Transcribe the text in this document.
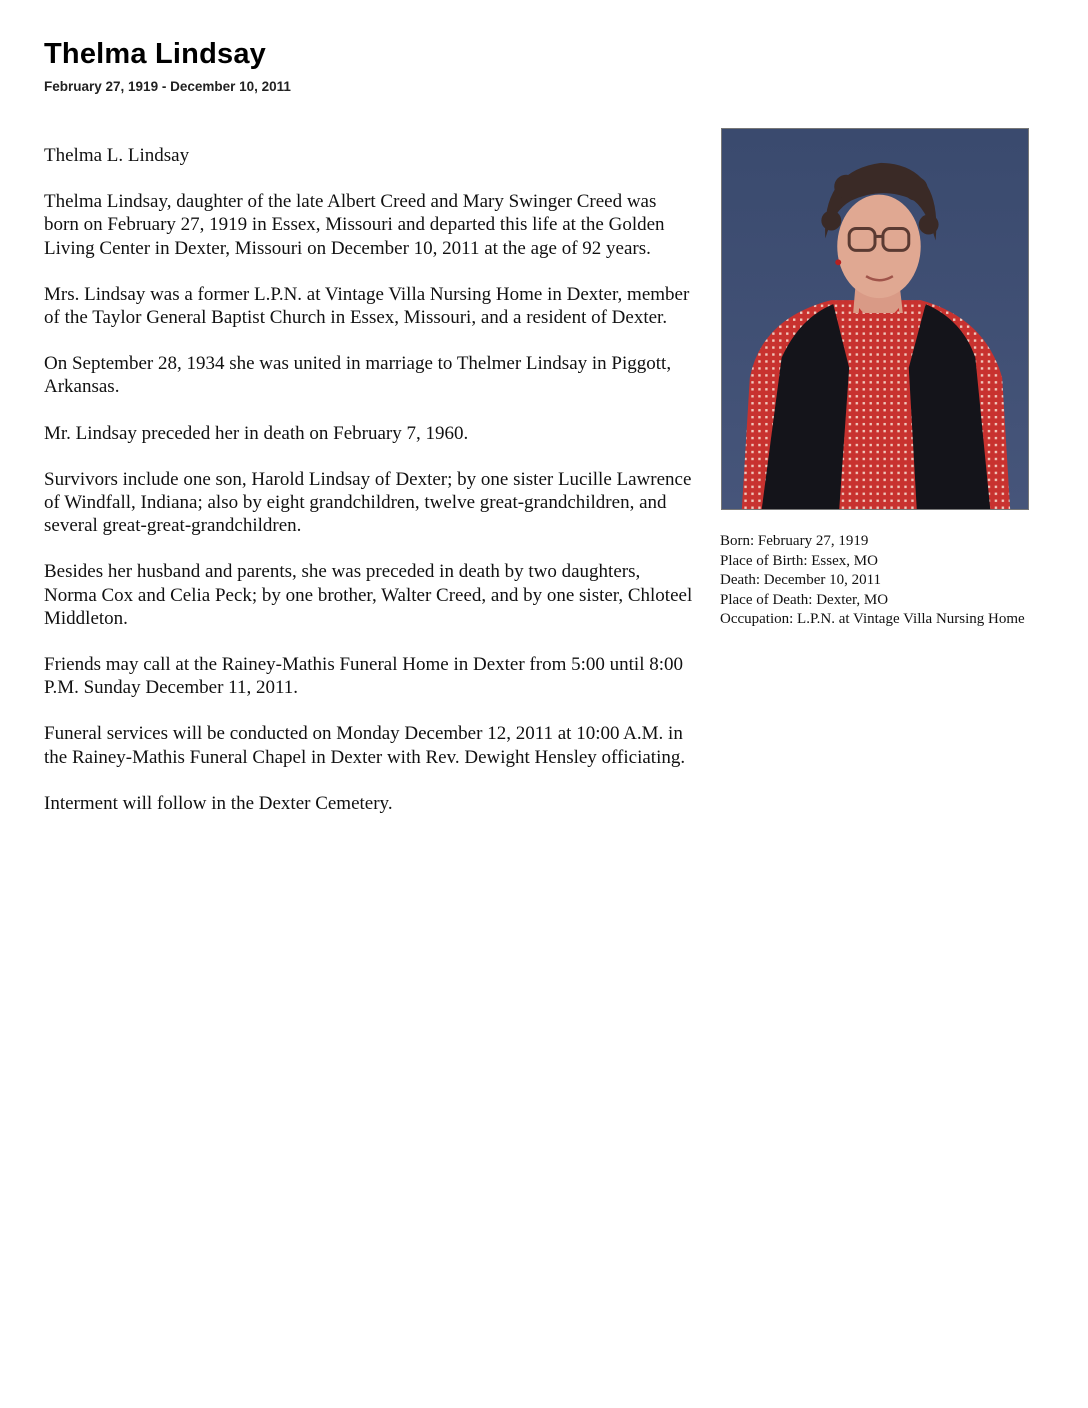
Thelma Lindsay
February 27, 1919 - December 10, 2011

Thelma L. Lindsay

Thelma Lindsay, daughter of the late Albert Creed and Mary Swinger Creed was born on February 27, 1919 in Essex, Missouri and departed this life at the Golden Living Center in Dexter, Missouri on December 10, 2011 at the age of 92 years.

Mrs. Lindsay was a former L.P.N. at Vintage Villa Nursing Home in Dexter, member of the Taylor General Baptist Church in Essex, Missouri, and a resident of Dexter.

On September 28, 1934 she was united in marriage to Thelmer Lindsay in Piggott, Arkansas.

Mr. Lindsay preceded her in death on February 7, 1960.

Survivors include one son, Harold Lindsay of Dexter; by one sister Lucille Lawrence of Windfall, Indiana; also by eight grandchildren, twelve great-grandchildren, and several great-great-grandchildren.

Besides her husband and parents, she was preceded in death by two daughters, Norma Cox and Celia Peck; by one brother, Walter Creed, and by one sister, Chloteel Middleton.

Friends may call at the Rainey-Mathis Funeral Home in Dexter from 5:00 until 8:00 P.M. Sunday December 11, 2011.

Funeral services will be conducted on Monday December 12, 2011 at 10:00 A.M. in the Rainey-Mathis Funeral Chapel in Dexter with Rev. Dewight Hensley officiating.

Interment will follow in the Dexter Cemetery.

Born: February 27, 1919
Place of Birth: Essex, MO
Death: December 10, 2011
Place of Death: Dexter, MO
Occupation: L.P.N. at Vintage Villa Nursing Home
